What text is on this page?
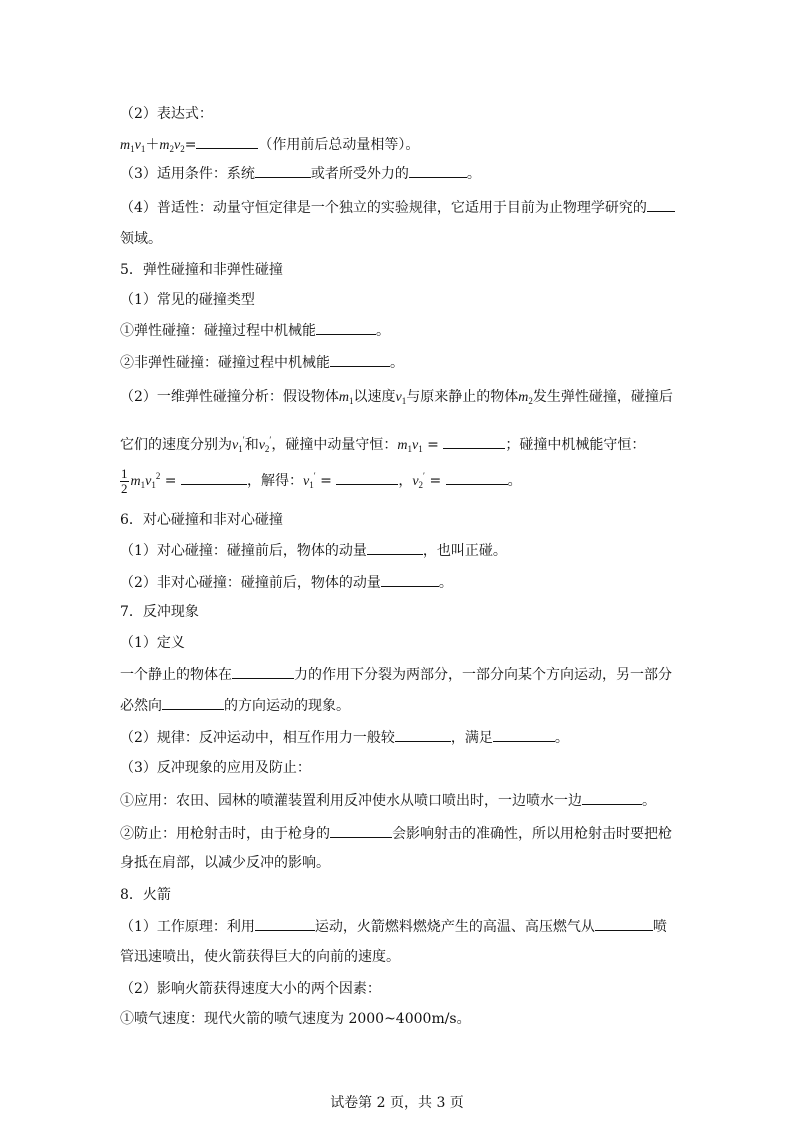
（2）表达式：
$m_1v_1+m_2v_2=$	（作用前后总动量相等）。
（3）适用条件：系统	或者所受外力的	。
（4）普适性：动量守恒定律是一个独立的实验规律，它适用于目前为止物理学研究的
领域。
5．弹性碰撞和非弹性碰撞
（1）常见的碰撞类型
①弹性碰撞：碰撞过程中机械能	。
②非弹性碰撞：碰撞过程中机械能	。
（2）一维弹性碰撞分析：假设物体$m_1$以速度$v_1$与原来静止的物体$m_2$发生弹性碰撞，碰撞后
它们的速度分别为$v_1'$和$v_2'$，碰撞中动量守恒：$m_1v_1$ =	；碰撞中机械能守恒：
$\frac{1}{2} m_1v_1^2$ =	，解得：$v_1'$ =	，$v_2'$ =	。
6．对心碰撞和非对心碰撞
（1）对心碰撞：碰撞前后，物体的动量	，也叫正碰。
（2）非对心碰撞：碰撞前后，物体的动量	。
7．反冲现象
（1）定义
一个静止的物体在	力的作用下分裂为两部分，一部分向某个方向运动，另一部分
必然向	的方向运动的现象。
（2）规律：反冲运动中，相互作用力一般较	，满足	。
（3）反冲现象的应用及防止：
①应用：农田、园林的喷灌装置利用反冲使水从喷口喷出时，一边喷水一边	。
②防止：用枪射击时，由于枪身的	会影响射击的准确性，所以用枪射击时要把枪
身抵在肩部，以减少反冲的影响。
8．火箭
（1）工作原理：利用	运动，火箭燃料燃烧产生的高温、高压燃气从	喷
管迅速喷出，使火箭获得巨大的向前的速度。
（2）影响火箭获得速度大小的两个因素：
①喷气速度：现代火箭的喷气速度为 2000~4000m/s。
试卷第 2 页，共 3 页
